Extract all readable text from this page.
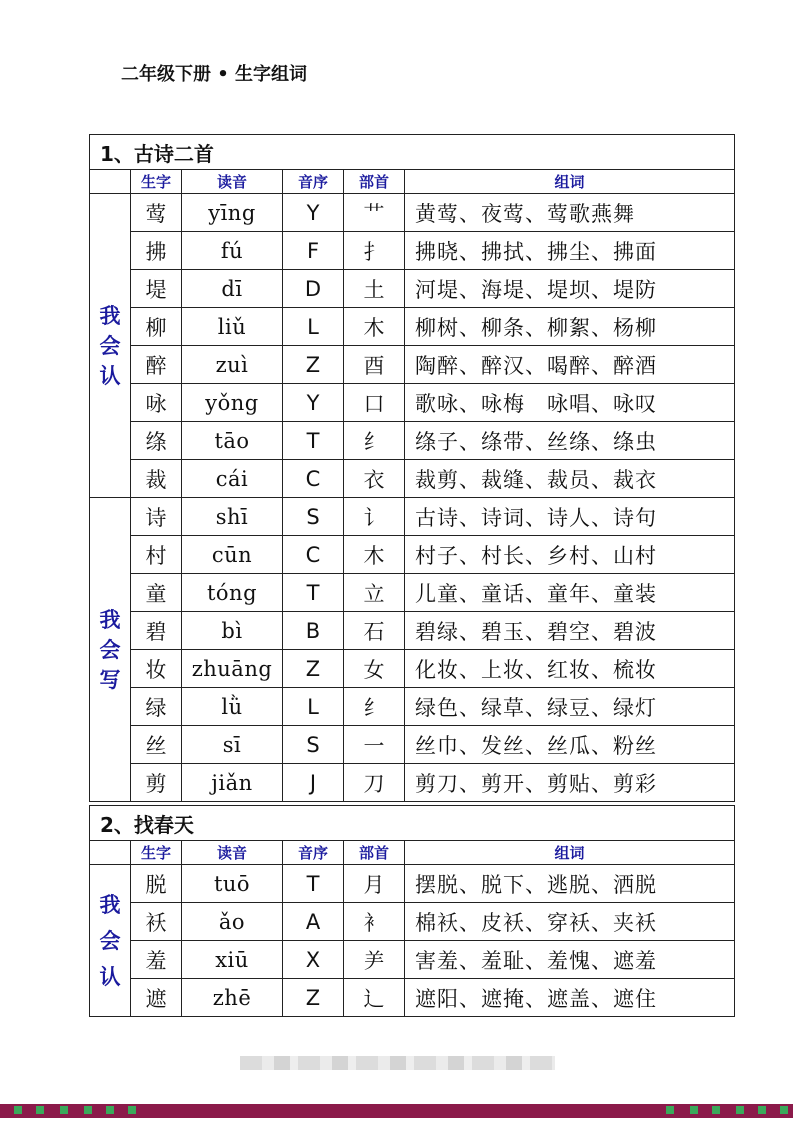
二年级下册 • 生字组词
1、古诗二首					
	生字	读音	音序	部首	组词

我
会
认	莺	yīng	Y	艹	黄莺、夜莺、莺歌燕舞
	拂	fú	F	扌	拂晓、拂拭、拂尘、拂面
	堤	dī	D	土	河堤、海堤、堤坝、堤防
	柳	liǔ	L	木	柳树、柳条、柳絮、杨柳
	醉	zuì	Z	酉	陶醉、醉汉、喝醉、醉酒
	咏	yǒng	Y	口	歌咏、咏梅　咏唱、咏叹
	绦	tāo	T	纟	绦子、绦带、丝绦、绦虫
	裁	cái	C	衣	裁剪、裁缝、裁员、裁衣

我
会
写	诗	shī	S	讠	古诗、诗词、诗人、诗句
	村	cūn	C	木	村子、村长、乡村、山村
	童	tóng	T	立	儿童、童话、童年、童装
	碧	bì	B	石	碧绿、碧玉、碧空、碧波
	妆	zhuāng	Z	女	化妆、上妆、红妆、梳妆
	绿	lǜ	L	纟	绿色、绿草、绿豆、绿灯
	丝	sī	S	一	丝巾、发丝、丝瓜、粉丝
	剪	jiǎn	J	刀	剪刀、剪开、剪贴、剪彩
2、找春天					
	生字	读音	音序	部首	组词

我
会
认	脱	tuō	T	月	摆脱、脱下、逃脱、洒脱
	袄	ǎo	A	衤	棉袄、皮袄、穿袄、夹袄
	羞	xiū	X	⺶	害羞、羞耻、羞愧、遮羞
	遮	zhē	Z	辶	遮阳、遮掩、遮盖、遮住
